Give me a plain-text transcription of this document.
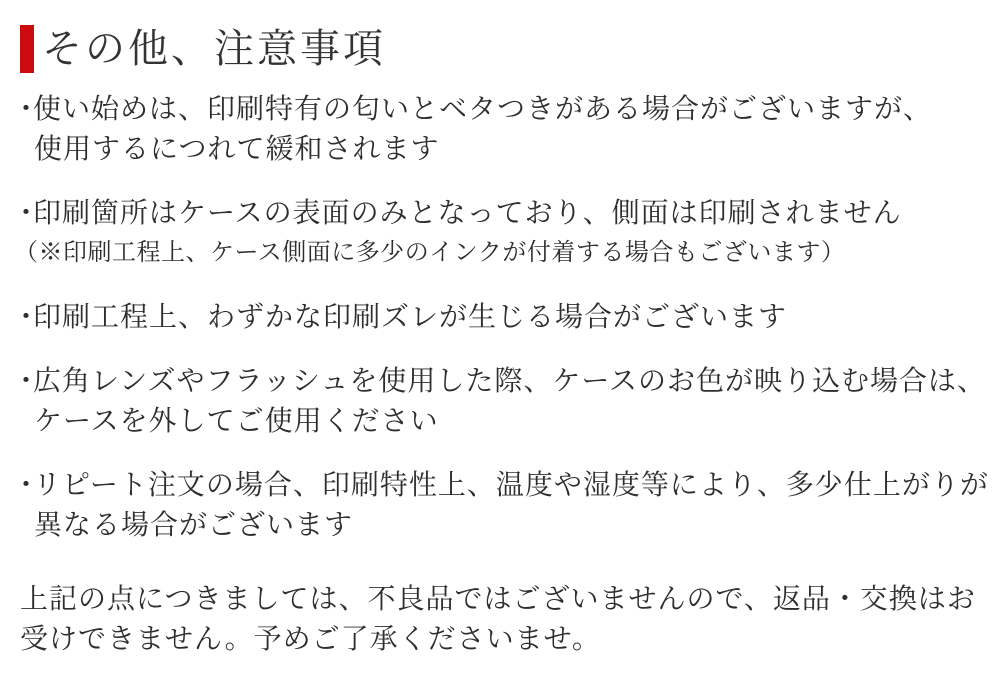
その他、注意事項
・使い始めは、印刷特有の匂いとベタつきがある場合がございますが、
使用するにつれて緩和されます
・印刷箇所はケースの表面のみとなっており、側面は印刷されません
（※印刷工程上、ケース側面に多少のインクが付着する場合もございます）
・印刷工程上、わずかな印刷ズレが生じる場合がございます
・広角レンズやフラッシュを使用した際、ケースのお色が映り込む場合は、
ケースを外してご使用ください
・リピート注文の場合、印刷特性上、温度や湿度等により、多少仕上がりが
異なる場合がございます
上記の点につきましては、不良品ではございませんので、返品・交換はお
受けできません。予めご了承くださいませ。
